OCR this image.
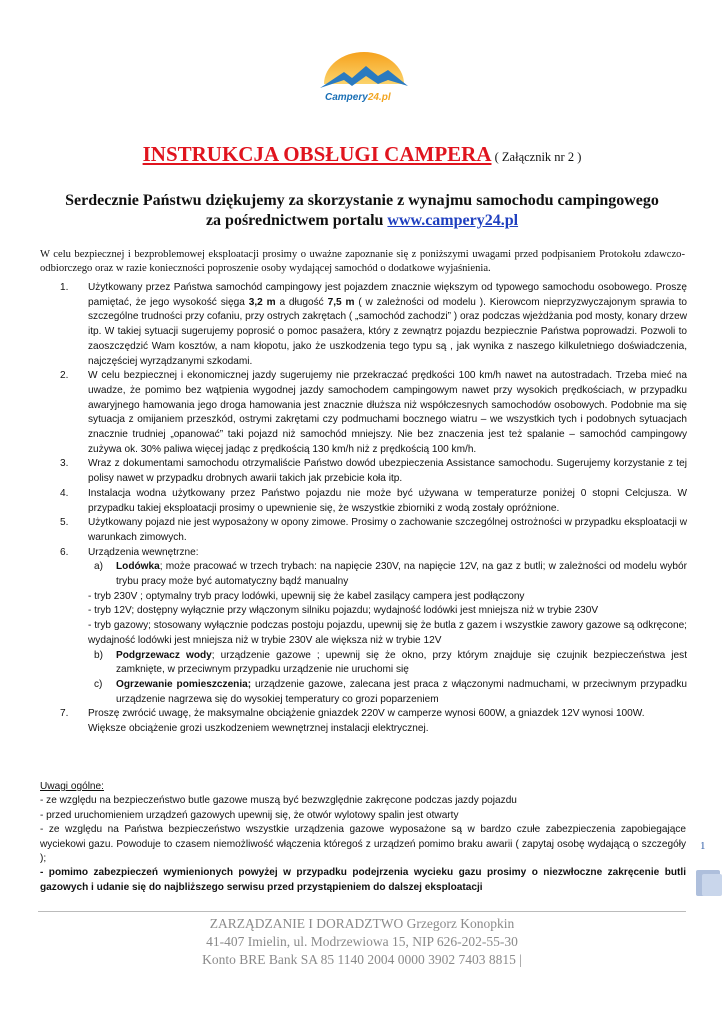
Campery24.pl
INSTRUKCJA OBSŁUGI CAMPERA ( Załącznik nr 2 )
Serdecznie Państwu dziękujemy za skorzystanie z wynajmu samochodu campingowego
za pośrednictwem portalu www.campery24.pl
W celu bezpiecznej i bezproblemowej eksploatacji prosimy o uważne zapoznanie się z poniższymi uwagami przed podpisaniem Protokołu zdawczo-odbiorczego oraz w razie konieczności poproszenie osoby wydającej samochód o dodatkowe wyjaśnienia.
1. Użytkowany przez Państwa samochód campingowy jest pojazdem znacznie większym od typowego samochodu osobowego. Proszę pamiętać, że jego wysokość sięga 3,2 m a długość 7,5 m ( w zależności od modelu ). Kierowcom nieprzyzwyczajonym sprawia to szczególne trudności przy cofaniu, przy ostrych zakrętach ( „samochód zachodzi” ) oraz podczas wjeżdżania pod mosty, konary drzew itp. W takiej sytuacji sugerujemy poprosić o pomoc pasażera, który z zewnątrz pojazdu bezpiecznie Państwa poprowadzi. Pozwoli to zaoszczędzić Wam kosztów, a nam kłopotu, jako że uszkodzenia tego typu są , jak wynika z naszego kilkuletniego doświadczenia, najczęściej wyrządzanymi szkodami.
2. W celu bezpiecznej i ekonomicznej jazdy sugerujemy nie przekraczać prędkości 100 km/h nawet na autostradach. Trzeba mieć na uwadze, że pomimo bez wątpienia wygodnej jazdy samochodem campingowym nawet przy wysokich prędkościach, w przypadku awaryjnego hamowania jego droga hamowania jest znacznie dłuższa niż współczesnych samochodów osobowych. Podobnie ma się sytuacja z omijaniem przeszkód, ostrymi zakrętami czy podmuchami bocznego wiatru – we wszystkich tych i podobnych sytuacjach znacznie trudniej „opanować” taki pojazd niż samochód mniejszy. Nie bez znaczenia jest też spalanie – samochód campingowy zużywa ok. 30% paliwa więcej jadąc z prędkością 130 km/h niż z prędkością 100 km/h.
3. Wraz z dokumentami samochodu otrzymaliście Państwo dowód ubezpieczenia Assistance samochodu. Sugerujemy korzystanie z tej polisy nawet w przypadku drobnych awarii takich jak przebicie koła itp.
4. Instalacja wodna użytkowany przez Państwo pojazdu nie może być używana w temperaturze poniżej 0 stopni Celcjusza. W przypadku takiej eksploatacji prosimy o upewnienie się, że wszystkie zbiorniki z wodą zostały opróżnione.
5. Użytkowany pojazd nie jest wyposażony w opony zimowe. Prosimy o zachowanie szczególnej ostrożności w przypadku eksploatacji w warunkach zimowych.
6. Urządzenia wewnętrzne:
a) Lodówka; może pracować w trzech trybach: na napięcie 230V, na napięcie 12V, na gaz z butli; w zależności od modelu wybór trybu pracy może być automatyczny bądź manualny
- tryb 230V ; optymalny tryb pracy lodówki, upewnij się że kabel zasilący campera jest podłączony
- tryb 12V; dostępny wyłącznie przy włączonym silniku pojazdu; wydajność lodówki jest mniejsza niż w trybie 230V
- tryb gazowy; stosowany wyłącznie podczas postoju pojazdu, upewnij się że butla z gazem i wszystkie zawory gazowe są odkręcone; wydajność lodówki jest mniejsza niż w trybie 230V ale większa niż w trybie 12V
b) Podgrzewacz wody; urządzenie gazowe ; upewnij się że okno, przy którym znajduje się czujnik bezpieczeństwa jest zamknięte, w przeciwnym przypadku urządzenie nie uruchomi się
c) Ogrzewanie pomieszczenia; urządzenie gazowe, zalecana jest praca z włączonymi nadmuchami, w przeciwnym przypadku urządzenie nagrzewa się do wysokiej temperatury co grozi poparzeniem
7. Proszę zwrócić uwagę, że maksymalne obciążenie gniazdek 220V w camperze wynosi 600W, a gniazdek 12V wynosi 100W.
Większe obciążenie grozi uszkodzeniem wewnętrznej instalacji elektrycznej.
Uwagi ogólne:
- ze względu na bezpieczeństwo butle gazowe muszą być bezwzględnie zakręcone podczas jazdy pojazdu
- przed uruchomieniem urządzeń gazowych upewnij się, że otwór wylotowy spalin jest otwarty
- ze względu na Państwa bezpieczeństwo wszystkie urządzenia gazowe wyposażone są w bardzo czułe zabezpieczenia zapobiegające wyciekowi gazu. Powoduje to czasem niemożliwość włączenia któregoś z urządzeń pomimo braku awarii ( zapytaj osobę wydającą o szczegóły );
- pomimo zabezpieczeń wymienionych powyżej w przypadku podejrzenia wycieku gazu prosimy o niezwłoczne zakręcenie butli gazowych i udanie się do najbliższego serwisu przed przystąpieniem do dalszej eksploatacji
1
ZARZĄDZANIE I DORADZTWO Grzegorz Konopkin
41-407 Imielin, ul. Modrzewiowa 15, NIP 626-202-55-30
Konto BRE Bank SA 85 1140 2004 0000 3902 7403 8815 |
